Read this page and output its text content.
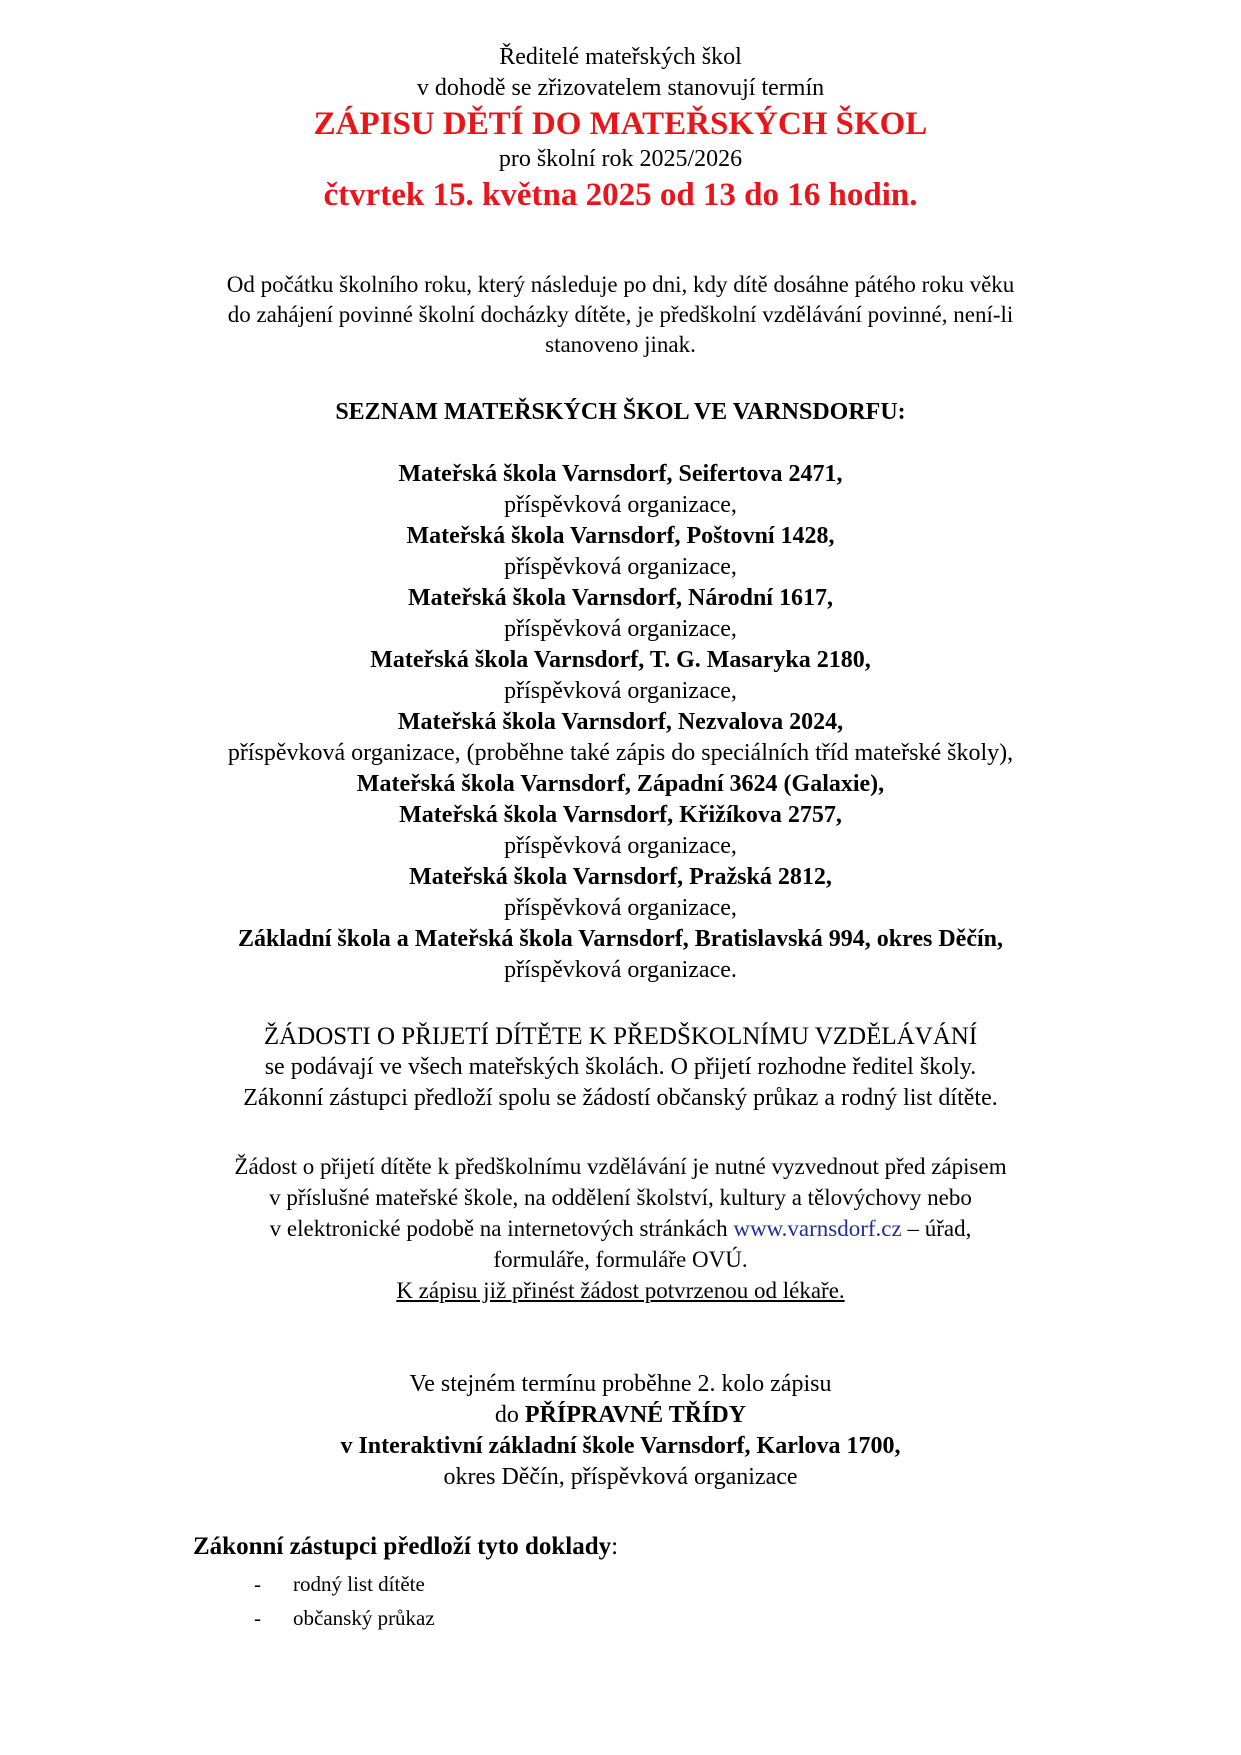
Ředitelé mateřských škol
v dohodě se zřizovatelem stanovují termín
ZÁPISU DĚTÍ DO MATEŘSKÝCH ŠKOL
pro školní rok 2025/2026
čtvrtek 15. května 2025 od 13 do 16 hodin.
Od počátku školního roku, který následuje po dni, kdy dítě dosáhne pátého roku věku
do zahájení povinné školní docházky dítěte, je předškolní vzdělávání povinné, není-li
stanoveno jinak.
SEZNAM MATEŘSKÝCH ŠKOL VE VARNSDORFU:
Mateřská škola Varnsdorf, Seifertova 2471,
příspěvková organizace,
Mateřská škola Varnsdorf, Poštovní 1428,
příspěvková organizace,
Mateřská škola Varnsdorf, Národní 1617,
příspěvková organizace,
Mateřská škola Varnsdorf, T. G. Masaryka 2180,
příspěvková organizace,
Mateřská škola Varnsdorf, Nezvalova 2024,
příspěvková organizace, (proběhne také zápis do speciálních tříd mateřské školy),
Mateřská škola Varnsdorf, Západní 3624 (Galaxie),
Mateřská škola Varnsdorf, Křižíkova 2757,
příspěvková organizace,
Mateřská škola Varnsdorf, Pražská 2812,
příspěvková organizace,
Základní škola a Mateřská škola Varnsdorf, Bratislavská 994, okres Děčín,
příspěvková organizace.
ŽÁDOSTI O PŘIJETÍ DÍTĚTE K PŘEDŠKOLNÍMU VZDĚLÁVÁNÍ
se podávají ve všech mateřských školách. O přijetí rozhodne ředitel školy.
Zákonní zástupci předloží spolu se žádostí občanský průkaz a rodný list dítěte.
Žádost o přijetí dítěte k předškolnímu vzdělávání je nutné vyzvednout před zápisem
v příslušné mateřské škole, na oddělení školství, kultury a tělovýchovy nebo
v elektronické podobě na internetových stránkách www.varnsdorf.cz – úřad,
formuláře, formuláře OVÚ.
K zápisu již přinést žádost potvrzenou od lékaře.
Ve stejném termínu proběhne 2. kolo zápisu
do PŘÍPRAVNÉ TŘÍDY
v Interaktivní základní škole Varnsdorf, Karlova 1700,
okres Děčín, příspěvková organizace
Zákonní zástupci předloží tyto doklady:
- rodný list dítěte
- občanský průkaz
